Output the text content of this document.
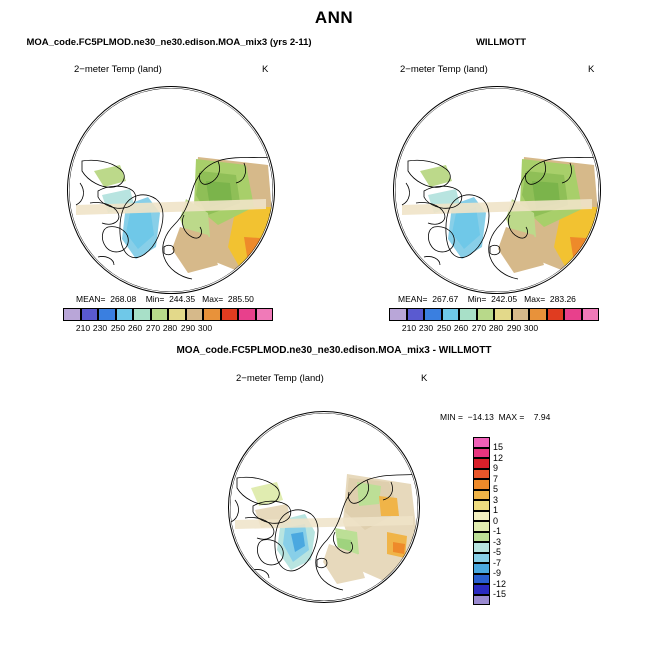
ANN
MOA_code.FC5PLMOD.ne30_ne30.edison.MOA_mix3 (yrs 2-11)
2−meter Temp (land)	K
MEAN=  268.08    Min=  244.35   Max=  285.50
210 230 250 260 270 280 290 300
WILLMOTT
2−meter Temp (land)	K
MEAN=  267.67    Min=  242.05   Max=  283.26
210 230 250 260 270 280 290 300
MOA_code.FC5PLMOD.ne30_ne30.edison.MOA_mix3 - WILLMOTT
2−meter Temp (land)	K
MIN =  −14.13  MAX =    7.94
15
12
9
7
5
3
1
0
-1
-3
-5
-7
-9
-12
-15
